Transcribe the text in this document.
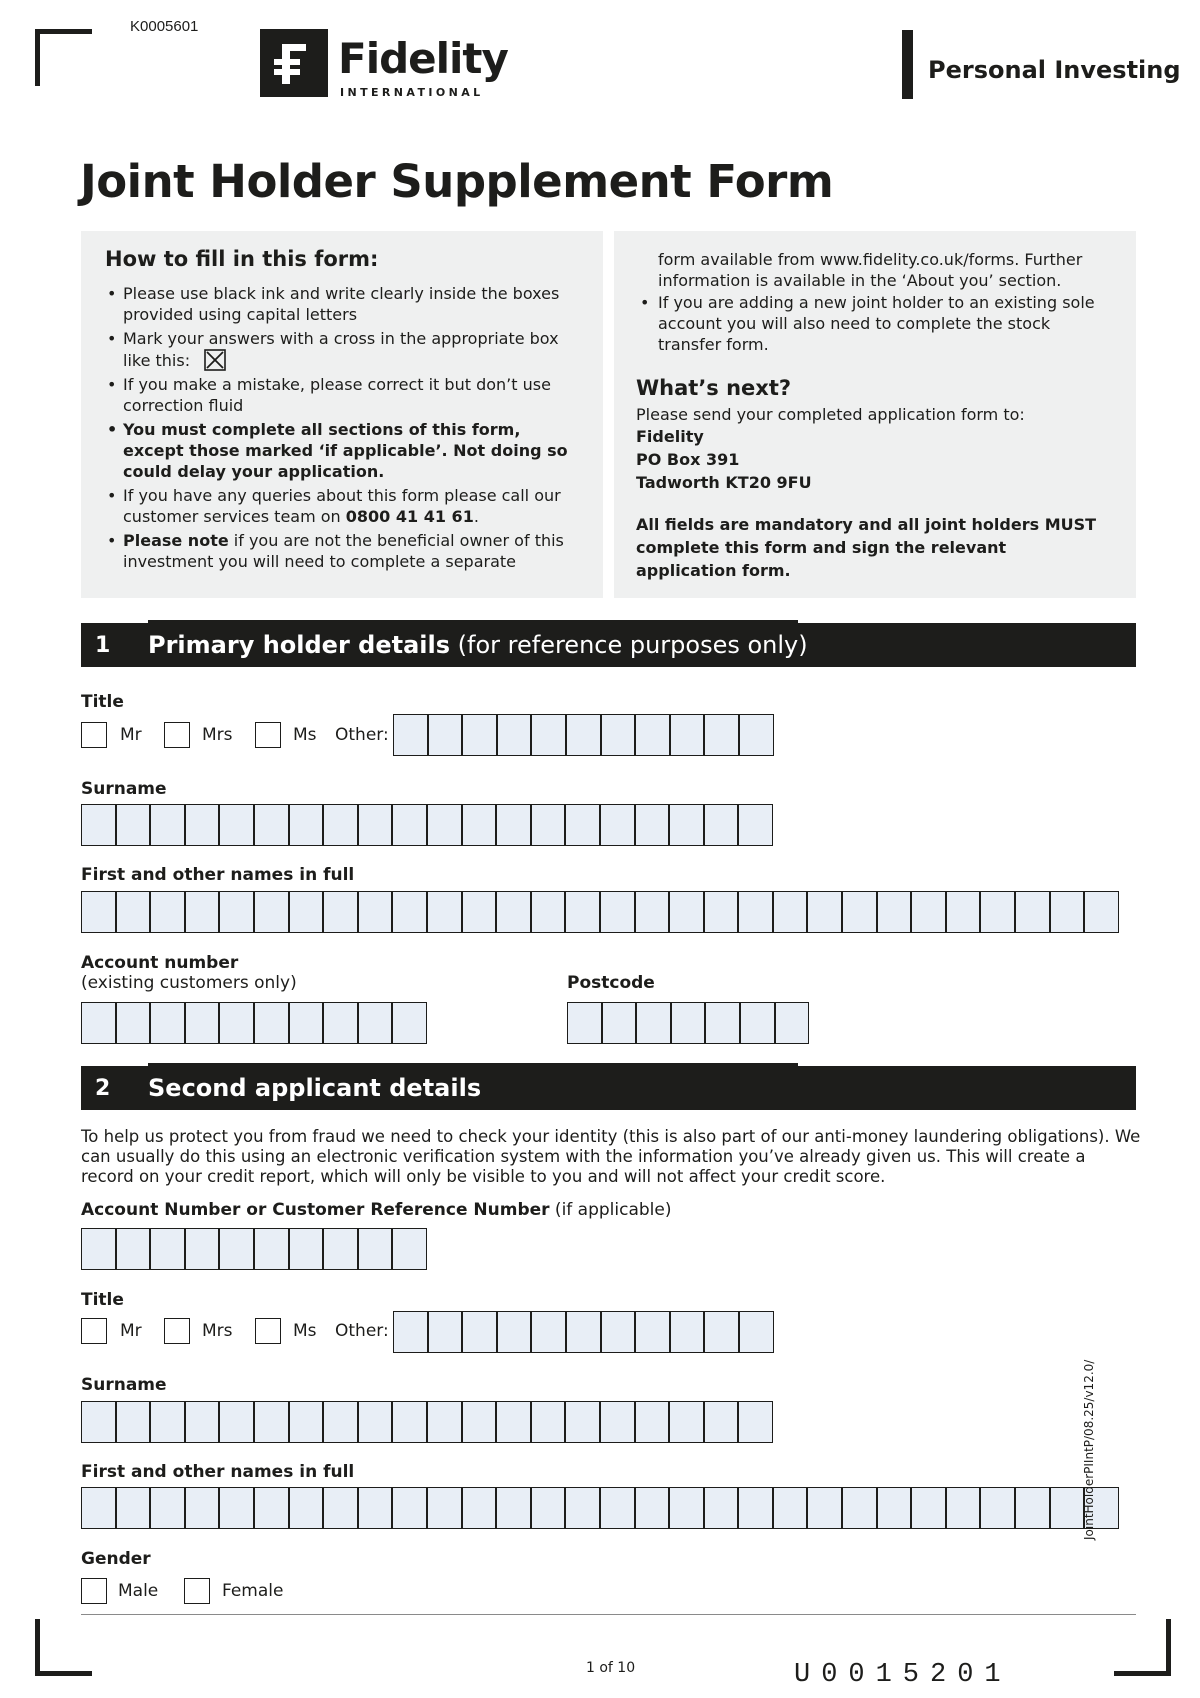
K0005601
Fidelity
INTERNATIONAL
Personal Investing
Joint Holder Supplement Form
How to fill in this form:
• Please use black ink and write clearly inside the boxes provided using capital letters
• Mark your answers with a cross in the appropriate box like this:
• If you make a mistake, please correct it but don’t use correction fluid
• You must complete all sections of this form, except those marked ‘if applicable’. Not doing so could delay your application.
• If you have any queries about this form please call our customer services team on 0800 41 41 61.
• Please note if you are not the beneficial owner of this investment you will need to complete a separate
form available from www.fidelity.co.uk/forms. Further information is available in the ‘About you’ section.
• If you are adding a new joint holder to an existing sole account you will also need to complete the stock transfer form.
What’s next?
Please send your completed application form to:
Fidelity
PO Box 391
Tadworth KT20 9FU
All fields are mandatory and all joint holders MUST complete this form and sign the relevant application form.
1 Primary holder details (for reference purposes only)
Title
Mr	Mrs	Ms Other:
Surname
First and other names in full
Account number
(existing customers only)	Postcode
2 Second applicant details
To help us protect you from fraud we need to check your identity (this is also part of our anti-money laundering obligations). We can usually do this using an electronic verification system with the information you’ve already given us. This will create a record on your credit report, which will only be visible to you and will not affect your credit score.
Account Number or Customer Reference Number (if applicable)
Title
Mr	Mrs	Ms Other:
Surname
First and other names in full
Gender
Male	Female
1 of 10	U0015201
JointHolderPIIntP/08.25/v12.0/
